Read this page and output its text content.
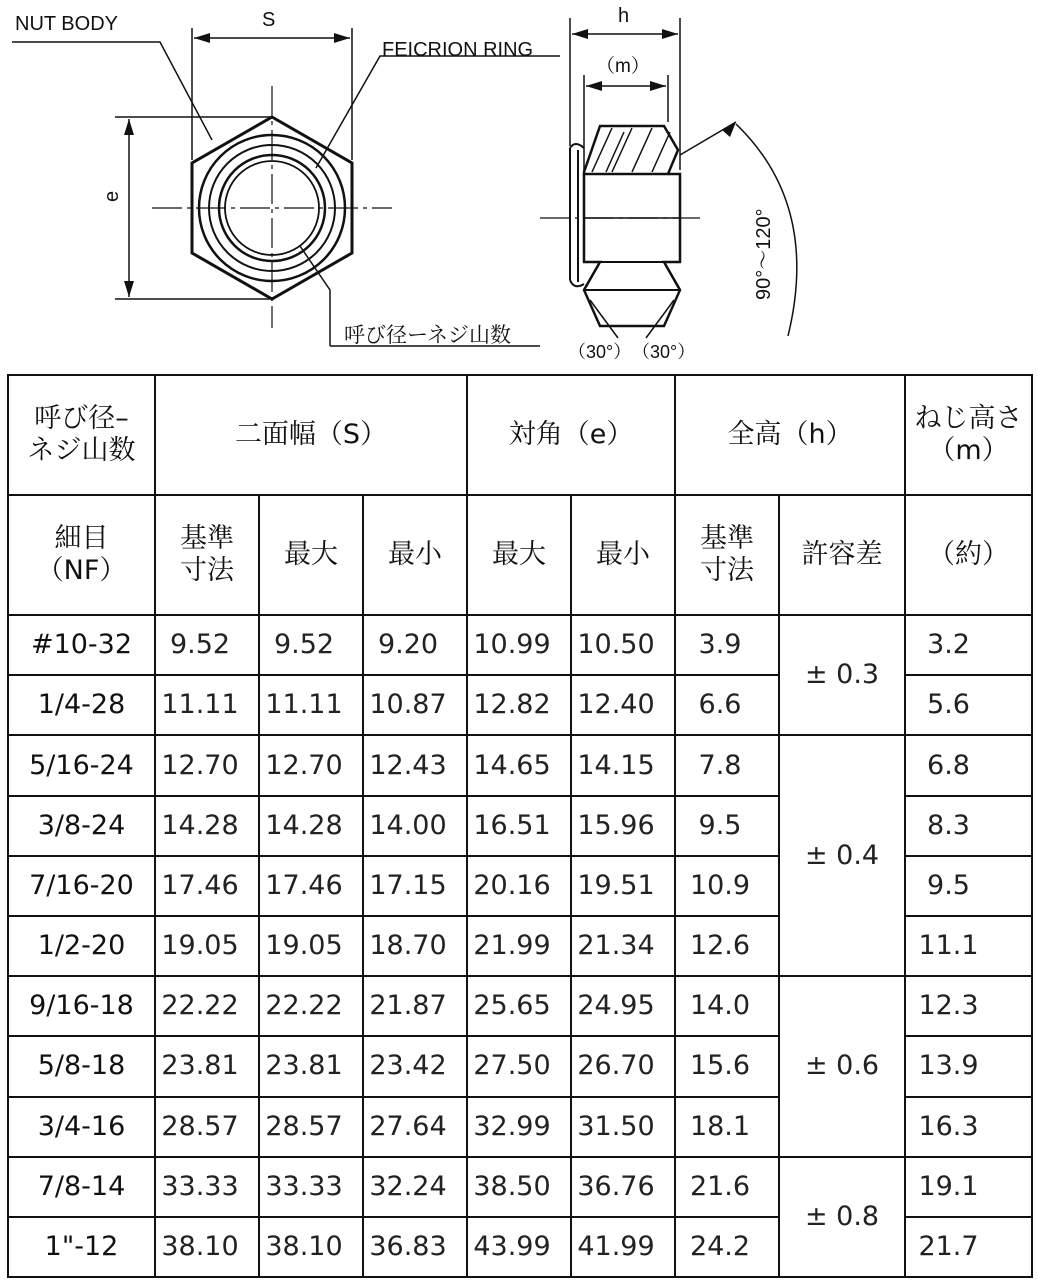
NUT BODY
FEICRION RING
S
e
h
（m）
呼び径ーネジ山数
90°～120°
（30°） （30°）
呼び径–
ネジ山数	二面幅（S）			対角（e）		全高（h）		ねじ高さ
（m）
細目
（NF）	基準
寸法	最大	最小	最大	最小	基準
寸法	許容差	（約）
#10-32	9.52	9.52	9.20	10.99	10.50	3.9	± 0.3	3.2
1/4-28	11.11	11.11	10.87	12.82	12.40	6.6		5.6
5/16-24	12.70	12.70	12.43	14.65	14.15	7.8	± 0.4	6.8
3/8-24	14.28	14.28	14.00	16.51	15.96	9.5		8.3
7/16-20	17.46	17.46	17.15	20.16	19.51	10.9		9.5
1/2-20	19.05	19.05	18.70	21.99	21.34	12.6		11.1
9/16-18	22.22	22.22	21.87	25.65	24.95	14.0	± 0.6	12.3
5/8-18	23.81	23.81	23.42	27.50	26.70	15.6		13.9
3/4-16	28.57	28.57	27.64	32.99	31.50	18.1		16.3
7/8-14	33.33	33.33	32.24	38.50	36.76	21.6	± 0.8	19.1
1"-12	38.10	38.10	36.83	43.99	41.99	24.2		21.7
